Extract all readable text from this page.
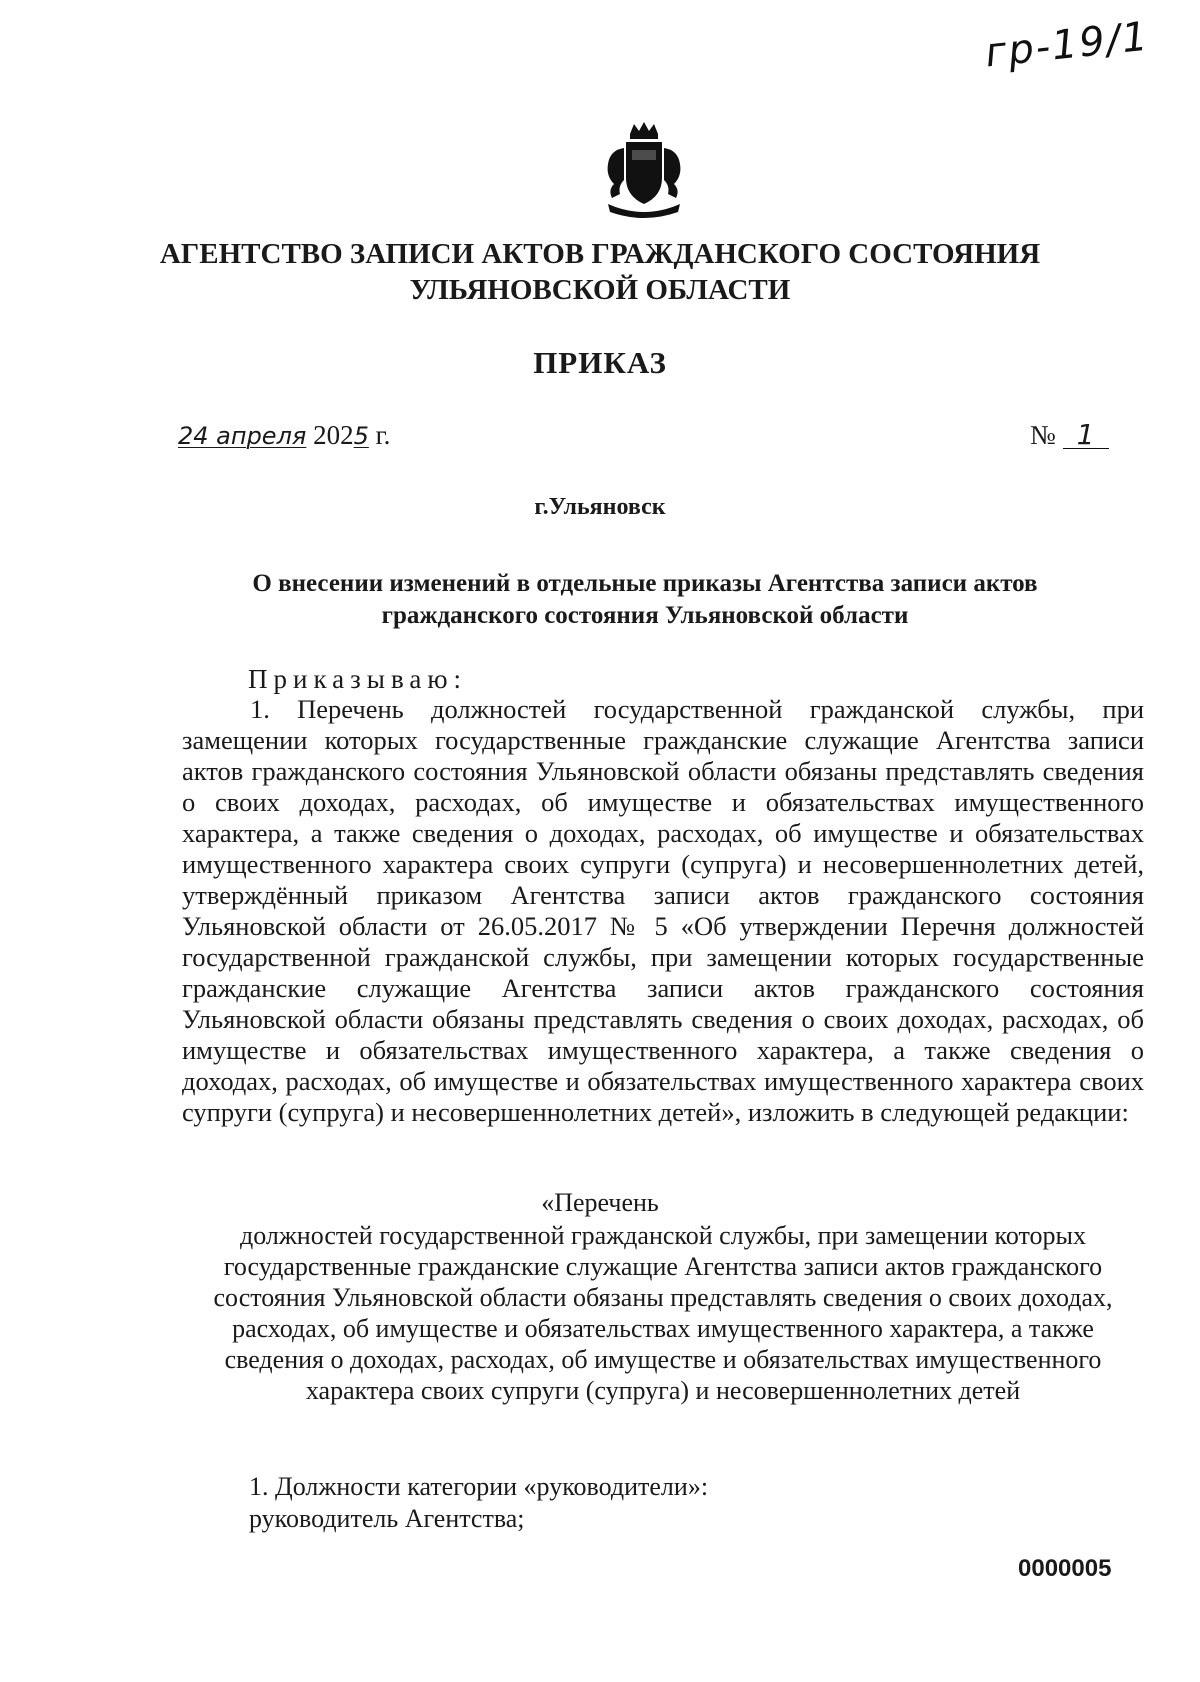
гр-19/1
АГЕНТСТВО ЗАПИСИ АКТОВ ГРАЖДАНСКОГО СОСТОЯНИЯ
УЛЬЯНОВСКОЙ ОБЛАСТИ
ПРИКАЗ
24 апреля 2025 г.	№ 1
г.Ульяновск
О внесении изменений в отдельные приказы Агентства записи актов
гражданского состояния Ульяновской области
Приказываю:

1. Перечень должностей государственной гражданской службы, при замещении которых государственные гражданские служащие Агентства записи актов гражданского состояния Ульяновской области обязаны представлять сведения о своих доходах, расходах, об имуществе и обязательствах имущественного характера, а также сведения о доходах, расходах, об имуществе и обязательствах имущественного характера своих супруги (супруга) и несовершеннолетних детей, утверждённый приказом Агентства записи актов гражданского состояния Ульяновской области от 26.05.2017 № 5 «Об утверждении Перечня должностей государственной гражданской службы, при замещении которых государственные гражданские служащие Агентства записи актов гражданского состояния Ульяновской области обязаны представлять сведения о своих доходах, расходах, об имуществе и обязательствах имущественного характера, а также сведения о доходах, расходах, об имуществе и обязательствах имущественного характера своих супруги (супруга) и несовершеннолетних детей», изложить в следующей редакции:

«Перечень

должностей государственной гражданской службы, при замещении которых государственные гражданские служащие Агентства записи актов гражданского состояния Ульяновской области обязаны представлять сведения о своих доходах, расходах, об имуществе и обязательствах имущественного характера, а также сведения о доходах, расходах, об имуществе и обязательствах имущественного характера своих супруги (супруга) и несовершеннолетних детей

1. Должности категории «руководители»:
руководитель Агентства;
0000005
